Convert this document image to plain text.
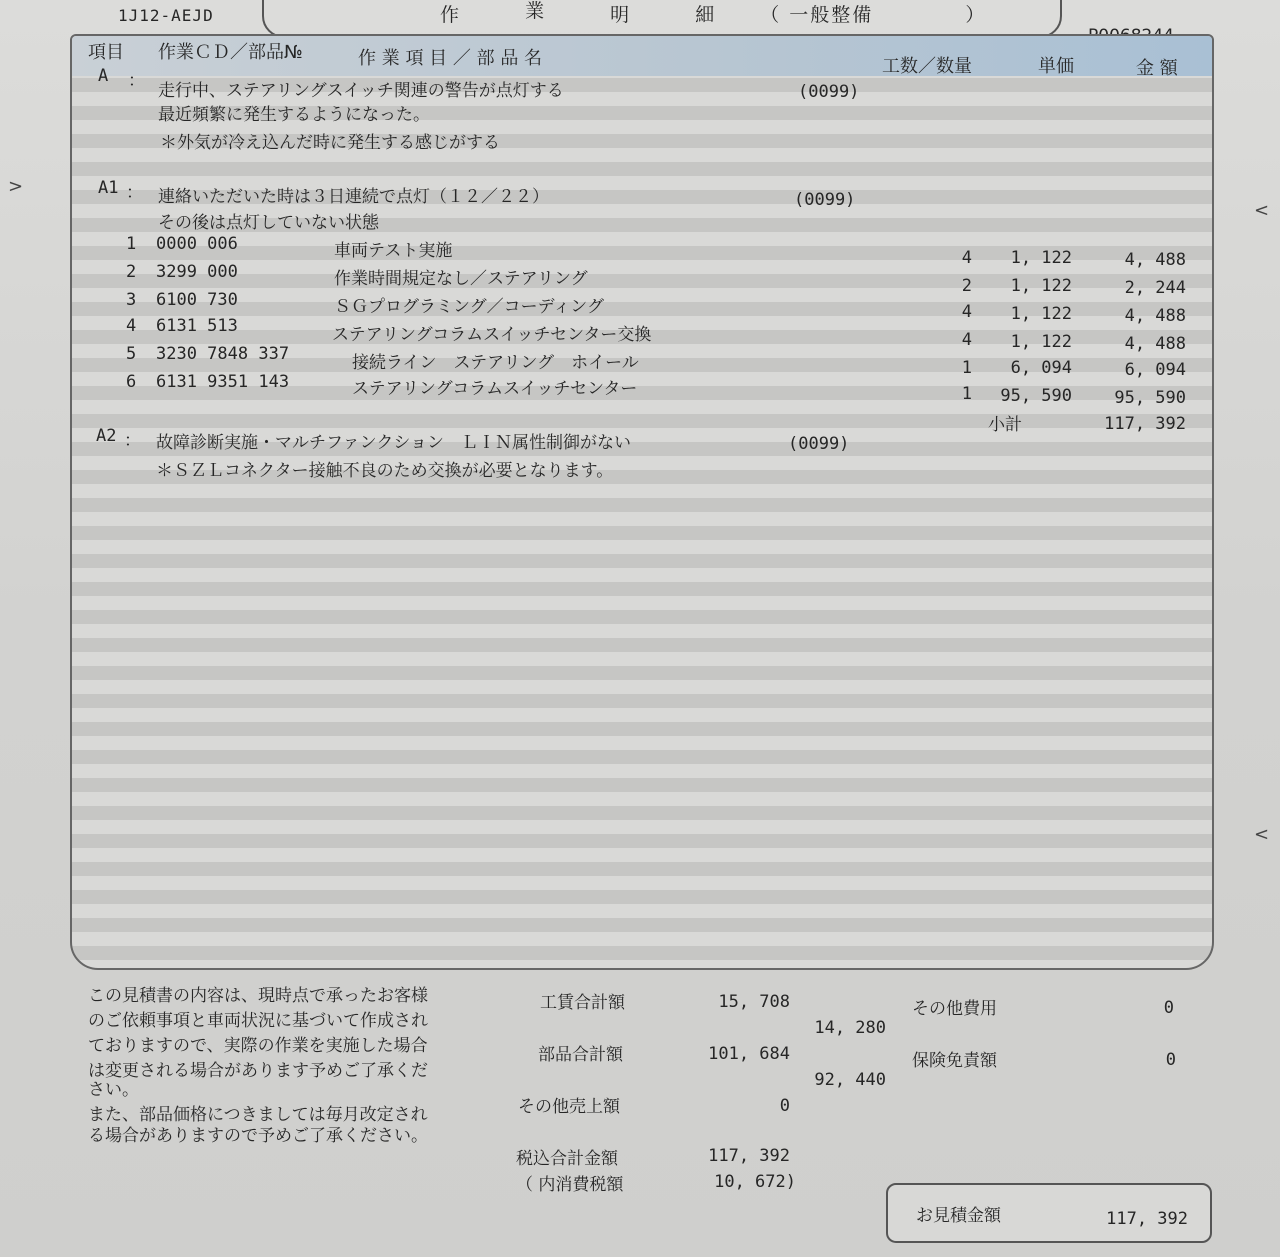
1J12-AEJD	作	業	明	細 （ 一般整備　　　　 ）
>
<
<
項目 作業ＣＤ／部品№	作 業 項 目 ／ 部 品 名	工数／数量	単価	金 額
A ： 走行中、ステアリングスイッチ関連の警告が点灯する	(0099)
最近頻繁に発生するようになった。
＊外気が冷え込んだ時に発生する感じがする
A1 ： 連絡いただいた時は３日連続で点灯（１２／２２）	(0099)
その後は点灯していない状態
1 0000 006	車両テスト実施	4	1, 122	4, 488
2 3299 000	作業時間規定なし／ステアリング	2	1, 122	2, 244
3 6100 730	ＳＧプログラミング／コーディング	4	1, 122	4, 488
4 6131 513	ステアリングコラムスイッチセンター交換	4	1, 122	4, 488
5 3230 7848 337	接続ライン　ステアリング　ホイール	1	6, 094	6, 094
6 6131 9351 143	ステアリングコラムスイッチセンター	1	95, 590	95, 590
小計	117, 392
A2 ： 故障診断実施・マルチファンクション　ＬＩＮ属性制御がない	(0099)
＊ＳＺＬコネクター接触不良のため交換が必要となります。
この見積書の内容は、現時点で承ったお客様
のご依頼事項と車両状況に基づいて作成され
ておりますので、実際の作業を実施した場合
は変更される場合があります予めご了承くだ
さい。
また、部品価格につきましては毎月改定され
る場合がありますので予めご了承ください。
工賃合計額	15, 708
14, 280
部品合計額	101, 684
92, 440
その他売上額	0
税込合計金額	117, 392
（ 内消費税額	10, 672)
その他費用	0
保険免責額	0
お見積金額	117, 392
